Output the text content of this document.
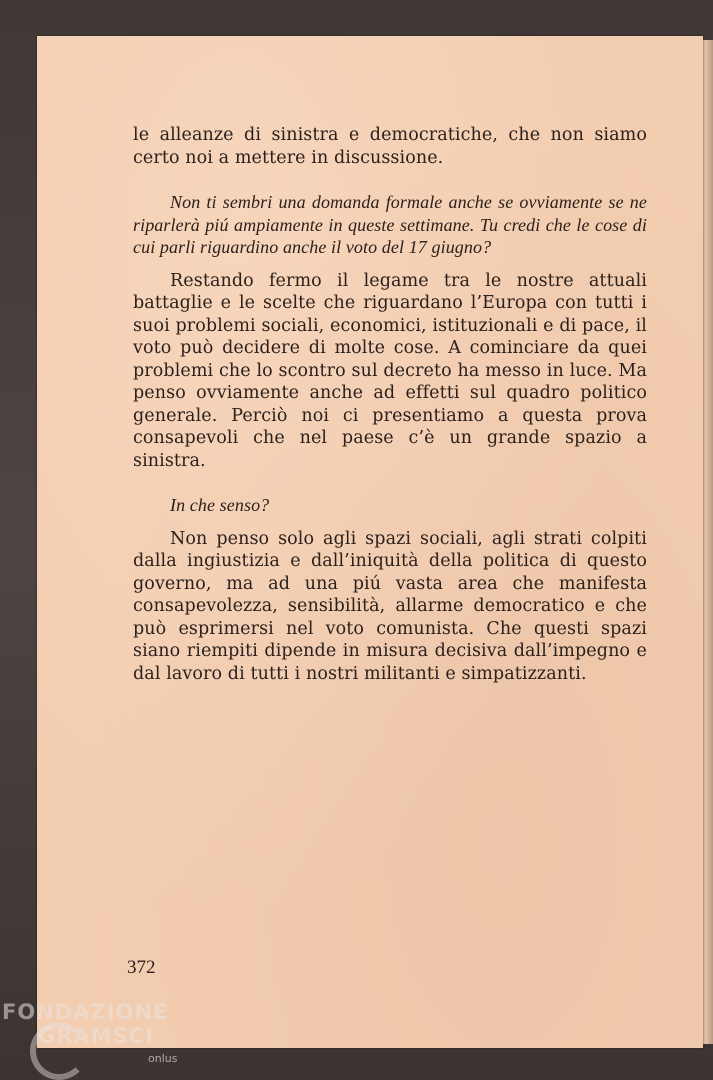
le alleanze di sinistra e democratiche, che non siamo certo noi a mettere in discussione.

Non ti sembri una domanda formale anche se ovviamente se ne riparlerà piú ampiamente in queste settimane. Tu credi che le cose di cui parli riguardino anche il voto del 17 giugno?

Restando fermo il legame tra le nostre attuali battaglie e le scelte che riguardano l’Europa con tutti i suoi problemi sociali, economici, istituzionali e di pace, il voto può decidere di molte cose. A cominciare da quei problemi che lo scontro sul decreto ha messo in luce. Ma penso ovviamente anche ad effetti sul quadro politico generale. Perciò noi ci presentiamo a questa prova consapevoli che nel paese c’è un grande spazio a sinistra.

In che senso?

Non penso solo agli spazi sociali, agli strati colpiti dalla ingiustizia e dall’iniquità della politica di questo governo, ma ad una piú vasta area che manifesta consapevolezza, sensibilità, allarme democratico e che può esprimersi nel voto comunista. Che questi spazi siano riempiti dipende in misura decisiva dall’impegno e dal lavoro di tutti i nostri militanti e simpatizzanti.

372
FONDAZIONE
GRAMSCI
onlus
